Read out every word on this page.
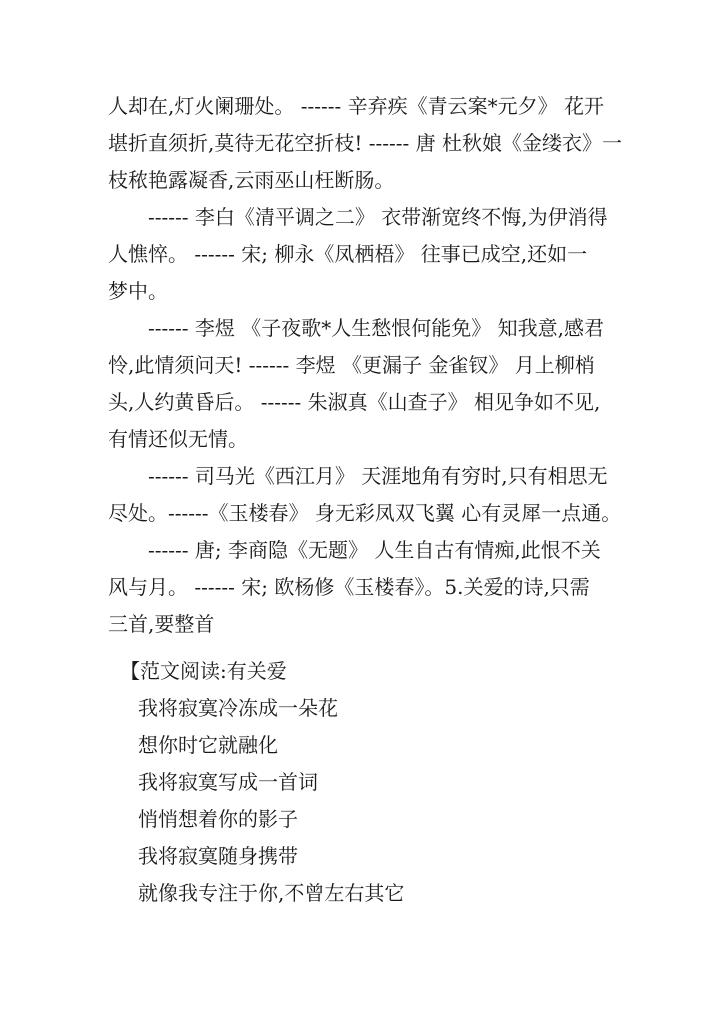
人却在,灯火阑珊处。 ------ 辛弃疾《青云案*元夕》 花开
堪折直须折,莫待无花空折枝! ------ 唐 杜秋娘《金缕衣》一
枝秾艳露凝香,云雨巫山枉断肠。

------ 李白《清平调之二》 衣带渐宽终不悔,为伊消得
人憔悴。 ------ 宋; 柳永《凤栖梧》 往事已成空,还如一
梦中。

------ 李煜 《子夜歌*人生愁恨何能免》 知我意,感君
怜,此情须问天! ------ 李煜 《更漏子 金雀钗》 月上柳梢
头,人约黄昏后。 ------ 朱淑真《山查子》 相见争如不见,
有情还似无情。

------ 司马光《西江月》 天涯地角有穷时,只有相思无
尽处。------《玉楼春》 身无彩凤双飞翼 心有灵犀一点通。

------ 唐; 李商隐《无题》 人生自古有情痴,此恨不关
风与月。 ------ 宋; 欧杨修《玉楼春》。5.关爱的诗,只需
三首,要整首

【范文阅读:有关爱
我将寂寞冷冻成一朵花
想你时它就融化
我将寂寞写成一首词
悄悄想着你的影子
我将寂寞随身携带
就像我专注于你,不曾左右其它
